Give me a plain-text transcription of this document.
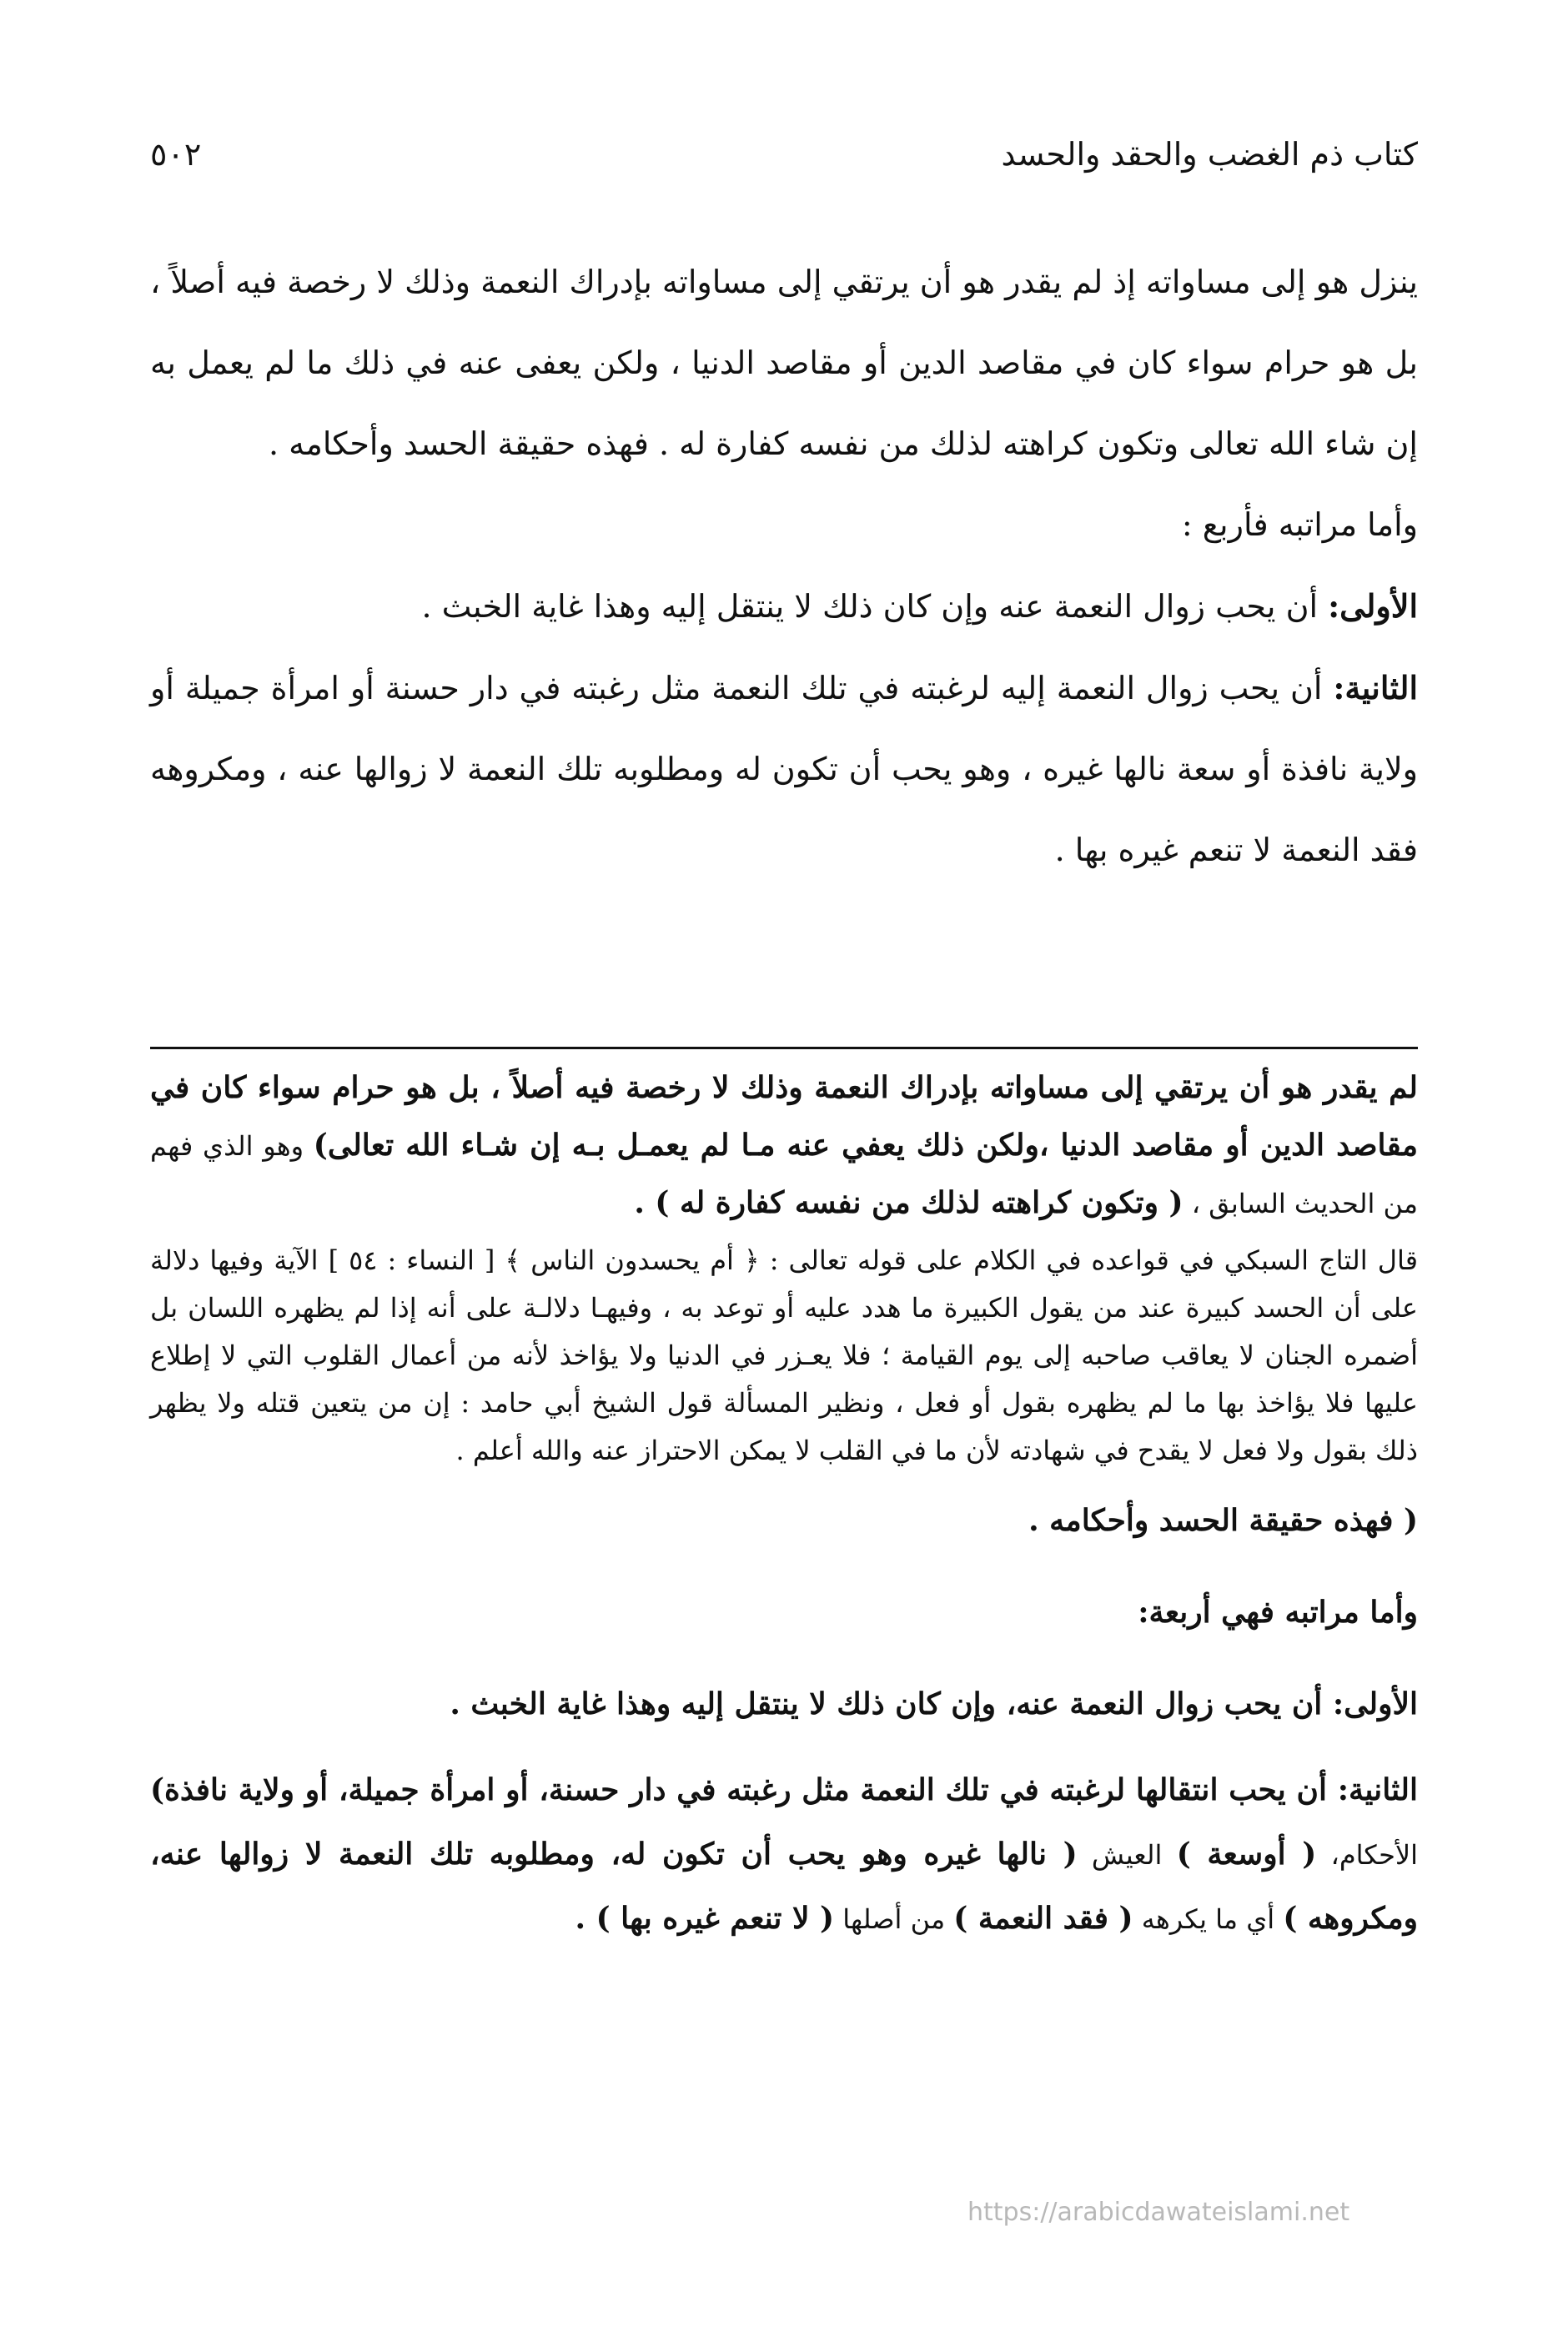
كتاب ذم الغضب والحقد والحسد
٥٠٢

ينزل هو إلى مساواته إذ لم يقدر هو أن يرتقي إلى مساواته بإدراك النعمة وذلك لا رخصة فيه أصلاً ، بل هو حرام سواء كان في مقاصد الدين أو مقاصد الدنيا ، ولكن يعفى عنه في ذلك ما لم يعمل به إن شاء الله تعالى وتكون كراهته لذلك من نفسه كفارة له . فهذه حقيقة الحسد وأحكامه .

وأما مراتبه فأربع :

الأولى: أن يحب زوال النعمة عنه وإن كان ذلك لا ينتقل إليه وهذا غاية الخبث .

الثانية: أن يحب زوال النعمة إليه لرغبته في تلك النعمة مثل رغبته في دار حسنة أو امرأة جميلة أو ولاية نافذة أو سعة نالها غيره ، وهو يحب أن تكون له ومطلوبه تلك النعمة لا زوالها عنه ، ومكروهه فقد النعمة لا تنعم غيره بها .

لم يقدر هو أن يرتقي إلى مساواته بإدراك النعمة وذلك لا رخصة فيه أصلاً ، بل هو حرام سواء كان في مقاصد الدين أو مقاصد الدنيا ،ولكن ذلك يعفي عنه مـا لم يعمـل بـه إن شـاء الله تعالى) وهو الذي فهم من الحديث السابق ، ( وتكون كراهته لذلك من نفسه كفارة له ) .

قال التاج السبكي في قواعده في الكلام على قوله تعالى : ﴿ أم يحسدون الناس ﴾ [ النساء : ٥٤ ] الآية وفيها دلالة على أن الحسد كبيرة عند من يقول الكبيرة ما هدد عليه أو توعد به ، وفيهـا دلالـة على أنه إذا لم يظهره اللسان بل أضمره الجنان لا يعاقب صاحبه إلى يوم القيامة ؛ فلا يعـزر في الدنيا ولا يؤاخذ لأنه من أعمال القلوب التي لا إطلاع عليها فلا يؤاخذ بها ما لم يظهره بقول أو فعل ، ونظير المسألة قول الشيخ أبي حامد : إن من يتعين قتله ولا يظهر ذلك بقول ولا فعل لا يقدح في شهادته لأن ما في القلب لا يمكن الاحتراز عنه والله أعلم .

( فهذه حقيقة الحسد وأحكامه .

وأما مراتبه فهي أربعة:

الأولى: أن يحب زوال النعمة عنه، وإن كان ذلك لا ينتقل إليه وهذا غاية الخبث .

الثانية: أن يحب انتقالها لرغبته في تلك النعمة مثل رغبته في دار حسنة، أو امرأة جميلة، أو ولاية نافذة) الأحكام، ( أوسعة ) العيش ( نالها غيره وهو يحب أن تكون له، ومطلوبه تلك النعمة لا زوالها عنه، ومكروهه ) أي ما يكرهه ( فقد النعمة ) من أصلها ( لا تنعم غيره بها ) .

https://arabicdawateislami.net
